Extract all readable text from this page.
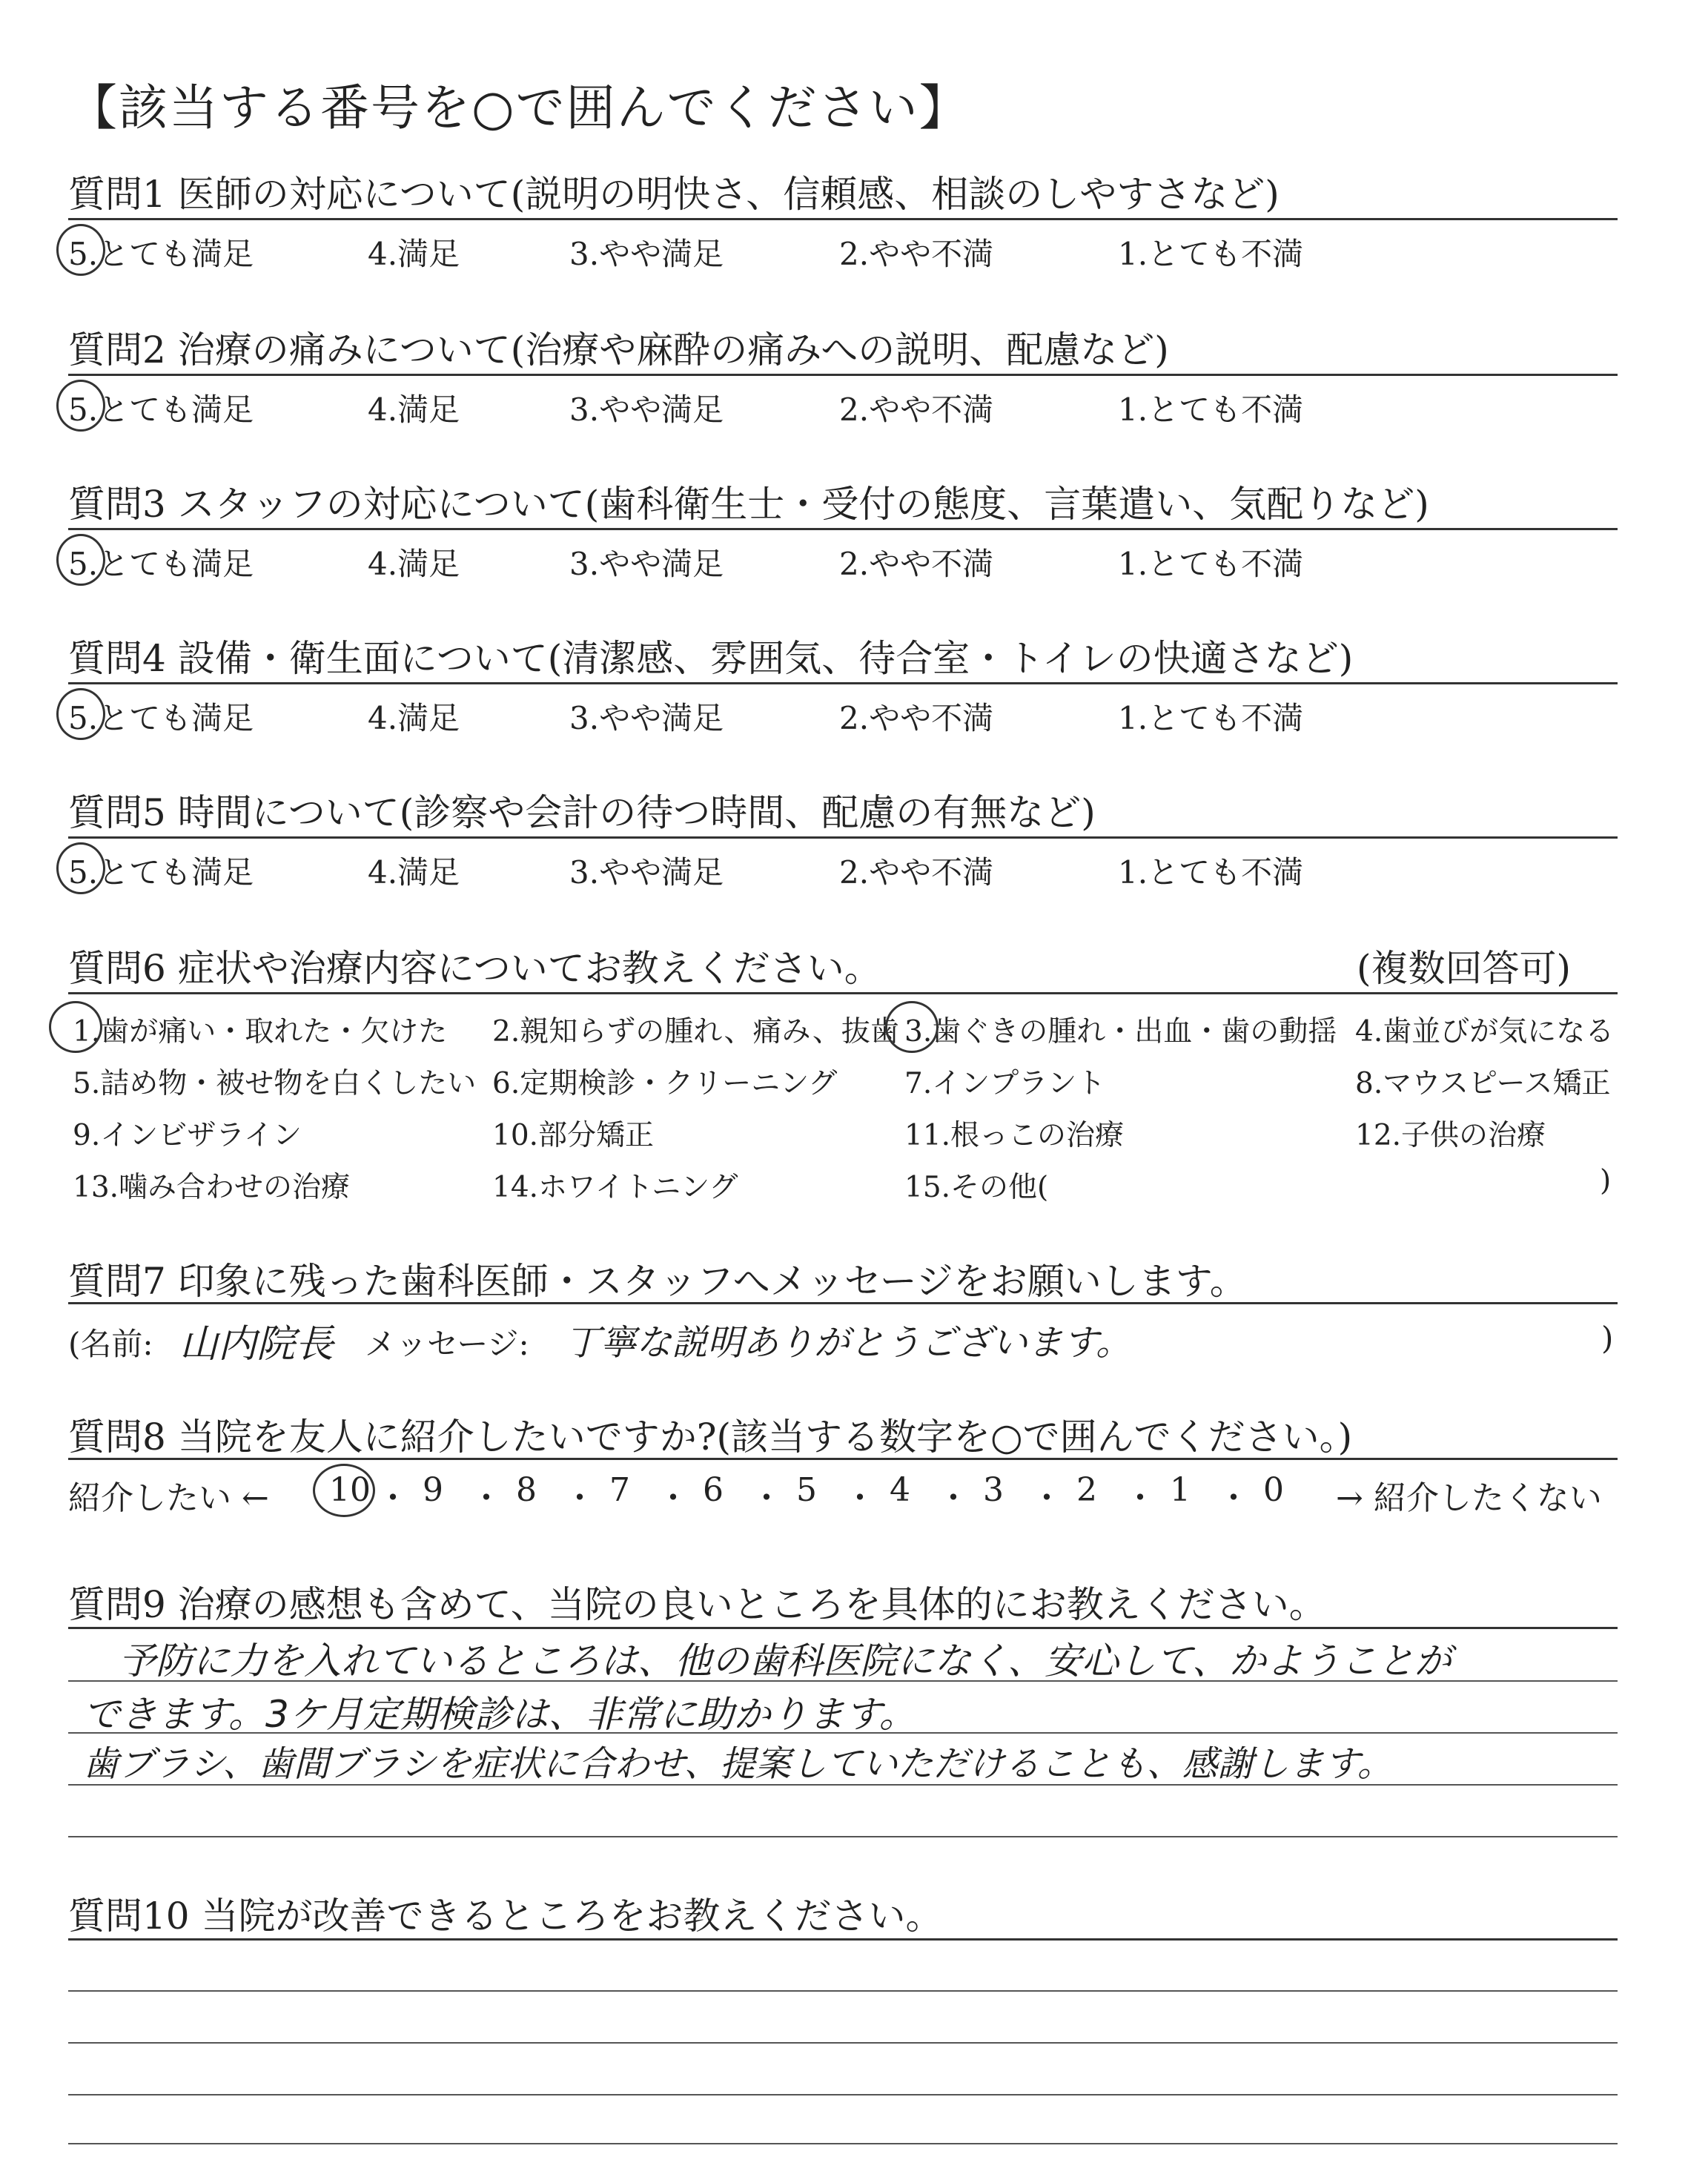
【該当する番号を○で囲んでください】
質問1 医師の対応について(説明の明快さ、信頼感、相談のしやすさなど)
5.とても満足	4.満足	3.やや満足	2.やや不満	1.とても不満
質問2 治療の痛みについて(治療や麻酔の痛みへの説明、配慮など)
5.とても満足	4.満足	3.やや満足	2.やや不満	1.とても不満
質問3 スタッフの対応について(歯科衛生士・受付の態度、言葉遣い、気配りなど)
5.とても満足	4.満足	3.やや満足	2.やや不満	1.とても不満
質問4 設備・衛生面について(清潔感、雰囲気、待合室・トイレの快適さなど)
5.とても満足	4.満足	3.やや満足	2.やや不満	1.とても不満
質問5 時間について(診察や会計の待つ時間、配慮の有無など)
5.とても満足	4.満足	3.やや満足	2.やや不満	1.とても不満
質問6 症状や治療内容についてお教えください。	(複数回答可)
1.歯が痛い・取れた・欠けた 2.親知らずの腫れ、痛み、抜歯 3.歯ぐきの腫れ・出血・歯の動揺 4.歯並びが気になる
5.詰め物・被せ物を白くしたい 6.定期検診・クリーニング 7.インプラント	8.マウスピース矯正
9.インビザライン	10.部分矯正	11.根っこの治療	12.子供の治療
13.噛み合わせの治療	14.ホワイトニング	15.その他(	)
質問7 印象に残った歯科医師・スタッフへメッセージをお願いします。
(名前: 山内院長 メッセージ: 丁寧な説明ありがとうございます。	)
質問8 当院を友人に紹介したいですか?(該当する数字を○で囲んでください。)
紹介したい ←	→ 紹介したくない
10 ・ 9 ・ 8 ・ 7 ・ 6 ・ 5 ・ 4 ・ 3 ・ 2 ・ 1 ・ 0
質問9 治療の感想も含めて、当院の良いところを具体的にお教えください。
予防に力を入れているところは、他の歯科医院になく、安心して、かようことが
できます。3ケ月定期検診は、非常に助かります。
歯ブラシ、歯間ブラシを症状に合わせ、提案していただけることも、感謝します。
質問10 当院が改善できるところをお教えください。
